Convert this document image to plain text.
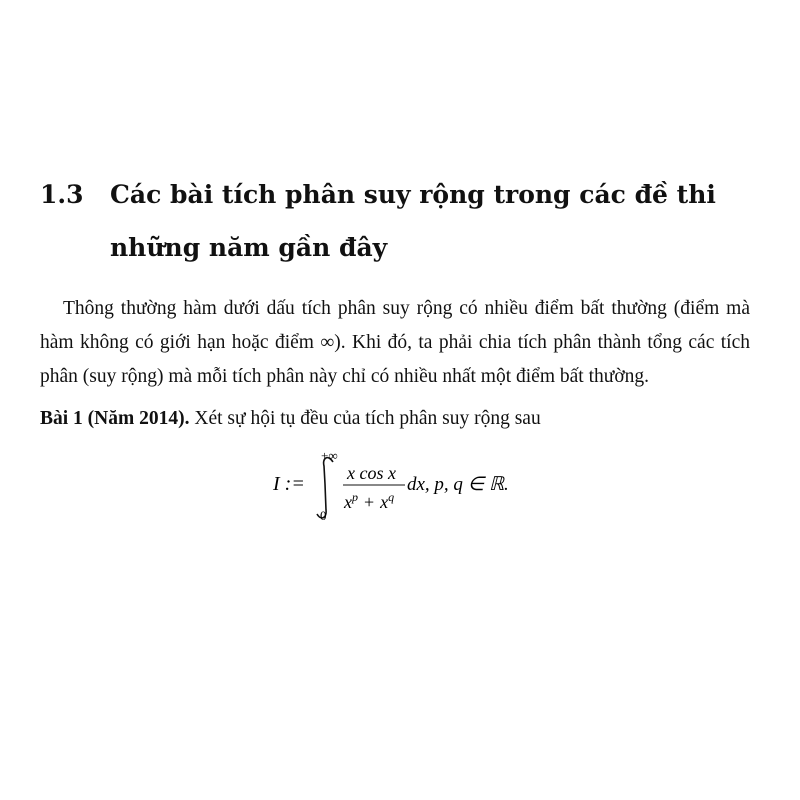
1.3	Các bài tích phân suy rộng trong các đề thi những năm gần đây
Thông thường hàm dưới dấu tích phân suy rộng có nhiều điểm bất thường (điểm mà hàm không có giới hạn hoặc điểm ∞). Khi đó, ta phải chia tích phân thành tổng các tích phân (suy rộng) mà mỗi tích phân này chỉ có nhiều nhất một điểm bất thường.
Bài 1 (Năm 2014). Xét sự hội tụ đều của tích phân suy rộng sau
I :=
+∞
0
x cos x
$x^p + x^q$
dx, p, q ∈ ℝ.
